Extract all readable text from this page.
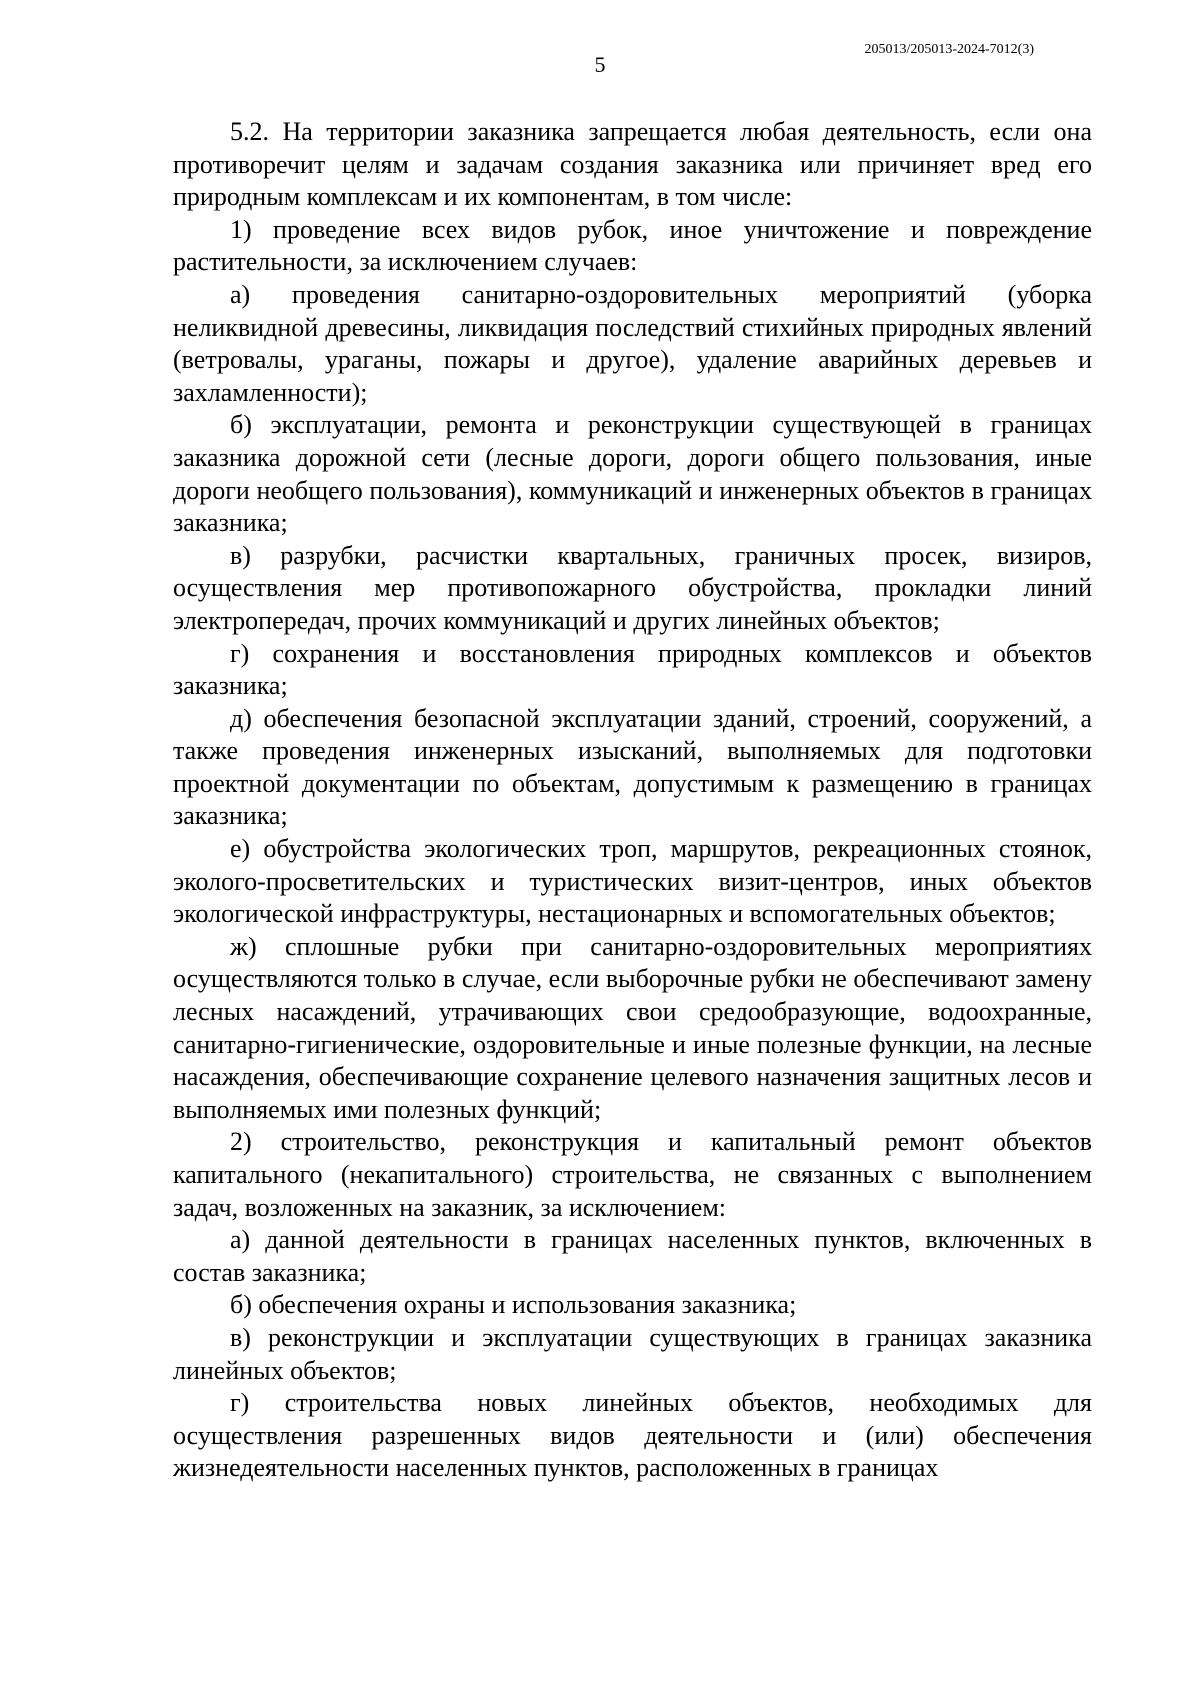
205013/205013-2024-7012(3)
5

5.2. На территории заказника запрещается любая деятельность, если она противоречит целям и задачам создания заказника или причиняет вред его природным комплексам и их компонентам, в том числе:

1) проведение всех видов рубок, иное уничтожение и повреждение растительности, за исключением случаев:

а) проведения санитарно-оздоровительных мероприятий (уборка неликвидной древесины, ликвидация последствий стихийных природных явлений (ветровалы, ураганы, пожары и другое), удаление аварийных деревьев и захламленности);

б) эксплуатации, ремонта и реконструкции существующей в границах заказника дорожной сети (лесные дороги, дороги общего пользования, иные дороги необщего пользования), коммуникаций и инженерных объектов в границах заказника;

в) разрубки, расчистки квартальных, граничных просек, визиров, осуществления мер противопожарного обустройства, прокладки линий электропередач, прочих коммуникаций и других линейных объектов;

г) сохранения и восстановления природных комплексов и объектов заказника;

д) обеспечения безопасной эксплуатации зданий, строений, сооружений, а также проведения инженерных изысканий, выполняемых для подготовки проектной документации по объектам, допустимым к размещению в границах заказника;

е) обустройства экологических троп, маршрутов, рекреационных стоянок, эколого-просветительских и туристических визит-центров, иных объектов экологической инфраструктуры, нестационарных и вспомогательных объектов;

ж) сплошные рубки при санитарно-оздоровительных мероприятиях осуществляются только в случае, если выборочные рубки не обеспечивают замену лесных насаждений, утрачивающих свои средообразующие, водоохранные, санитарно-гигиенические, оздоровительные и иные полезные функции, на лесные насаждения, обеспечивающие сохранение целевого назначения защитных лесов и выполняемых ими полезных функций;

2) строительство, реконструкция и капитальный ремонт объектов капитального (некапитального) строительства, не связанных с выполнением задач, возложенных на заказник, за исключением:

а) данной деятельности в границах населенных пунктов, включенных в состав заказника;

б) обеспечения охраны и использования заказника;

в) реконструкции и эксплуатации существующих в границах заказника линейных объектов;

г) строительства новых линейных объектов, необходимых для осуществления разрешенных видов деятельности и (или) обеспечения жизнедеятельности населенных пунктов, расположенных в границах
